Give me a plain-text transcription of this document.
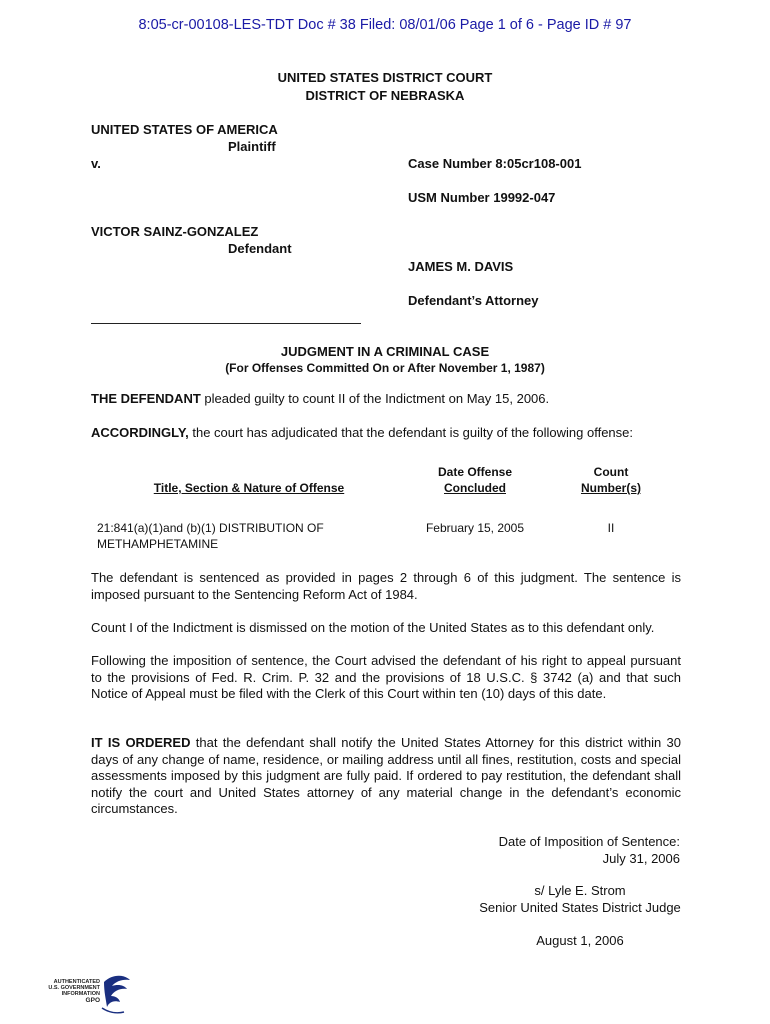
8:05-cr-00108-LES-TDT Doc # 38 Filed: 08/01/06 Page 1 of 6 - Page ID # 97
UNITED STATES DISTRICT COURT
DISTRICT OF NEBRASKA
UNITED STATES OF AMERICA
Plaintiff
v.	Case Number 8:05cr108-001
USM Number 19992-047
VICTOR SAINZ-GONZALEZ
Defendant
JAMES M. DAVIS
Defendant’s Attorney
JUDGMENT IN A CRIMINAL CASE
(For Offenses Committed On or After November 1, 1987)
THE DEFENDANT pleaded guilty to count II of the Indictment on May 15, 2006.
ACCORDINGLY, the court has adjudicated that the defendant is guilty of the following offense:
Title, Section & Nature of Offense
Date Offense
Concluded
Count
Number(s)
21:841(a)(1)and (b)(1) DISTRIBUTION OF
METHAMPHETAMINE
February 15, 2005	II
The defendant is sentenced as provided in pages 2 through 6 of this judgment. The sentence is imposed pursuant to the Sentencing Reform Act of 1984.
Count I of the Indictment is dismissed on the motion of the United States as to this defendant only.
Following the imposition of sentence, the Court advised the defendant of his right to appeal pursuant to the provisions of Fed. R. Crim. P. 32 and the provisions of 18 U.S.C. § 3742 (a) and that such Notice of Appeal must be filed with the Clerk of this Court within ten (10) days of this date.
IT IS ORDERED that the defendant shall notify the United States Attorney for this district within 30 days of any change of name, residence, or mailing address until all fines, restitution, costs and special assessments imposed by this judgment are fully paid. If ordered to pay restitution, the defendant shall notify the court and United States attorney of any material change in the defendant’s economic circumstances.
Date of Imposition of Sentence:
July 31, 2006
s/ Lyle E. Strom
Senior United States District Judge
August 1, 2006
AUTHENTICATED
U.S. GOVERNMENT
INFORMATION
GPO
